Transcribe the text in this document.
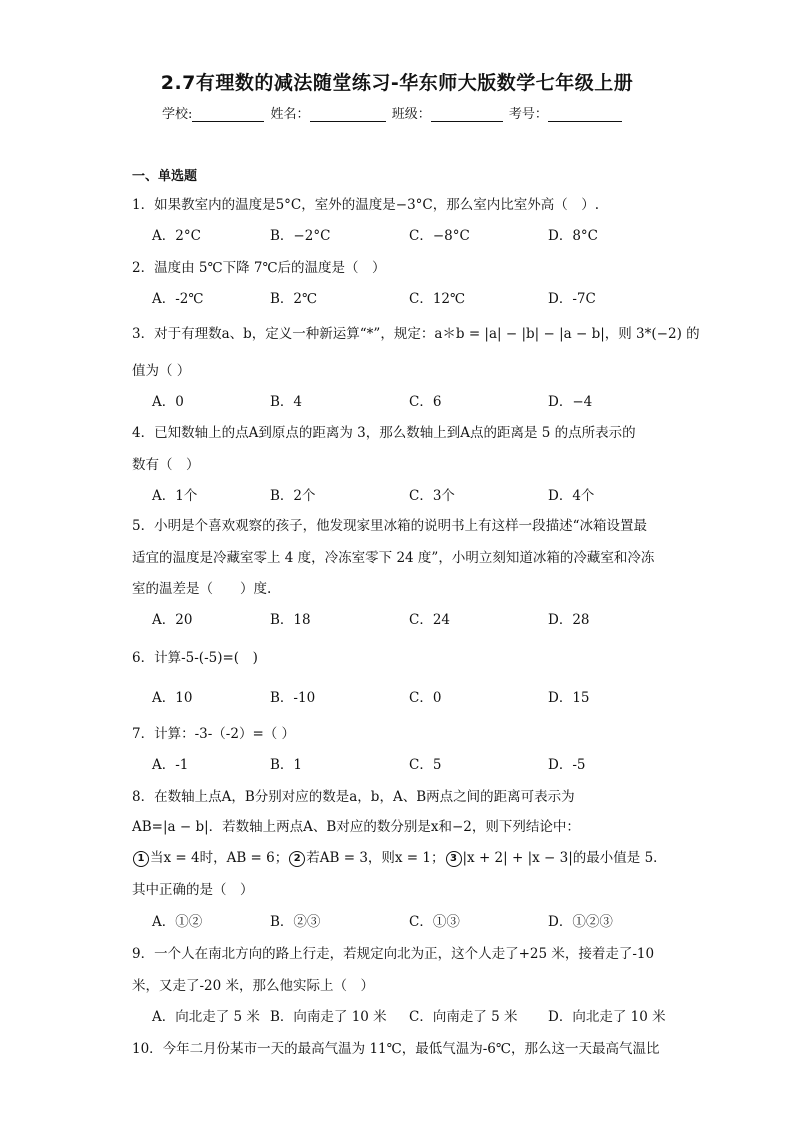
2.7有理数的减法随堂练习-华东师大版数学七年级上册
学校:	姓名：	班级：	考号：
一、单选题
1．如果教室内的温度是5°C，室外的温度是−3°C，那么室内比室外高（　）.
A．2°C	B．−2°C	C．−8°C	D．8°C
2．温度由 5℃下降 7℃后的温度是（　）
A．-2℃	B．2℃	C．12℃	D．-7C
3．对于有理数a、b，定义一种新运算“*”，规定：a＊b = |a| − |b| − |a − b|，则 3*(−2) 的
值为（ ）
A．0	B．4	C．6	D．−4
4．已知数轴上的点A到原点的距离为 3，那么数轴上到A点的距离是 5 的点所表示的
数有（　）
A．1个	B．2个	C．3个	D．4个
5．小明是个喜欢观察的孩子，他发现家里冰箱的说明书上有这样一段描述“冰箱设置最
适宜的温度是冷藏室零上 4 度，冷冻室零下 24 度”，小明立刻知道冰箱的冷藏室和冷冻
室的温差是（　　）度.
A．20	B．18	C．24	D．28
6．计算-5-(-5)=(　)
A．10	B．-10	C．0	D．15
7．计算：-3-（-2）=（ ）
A．-1	B．1	C．5	D．-5
8．在数轴上点A，B分别对应的数是a，b，A、B两点之间的距离可表示为
AB=|a − b|．若数轴上两点A、B对应的数分别是x和−2，则下列结论中：
1 当x = 4时，AB = 6； 2 若AB = 3，则x = 1； 3 |x + 2| + |x − 3|的最小值是 5．
其中正确的是（　）
A．①②	B．②③	C．①③	D．①②③
9．一个人在南北方向的路上行走，若规定向北为正，这个人走了+25 米，接着走了-10
米，又走了-20 米，那么他实际上（　）
A．向北走了 5 米 B．向南走了 10 米 C．向南走了 5 米 D．向北走了 10 米
10．今年二月份某市一天的最高气温为 11℃，最低气温为-6℃，那么这一天最高气温比
